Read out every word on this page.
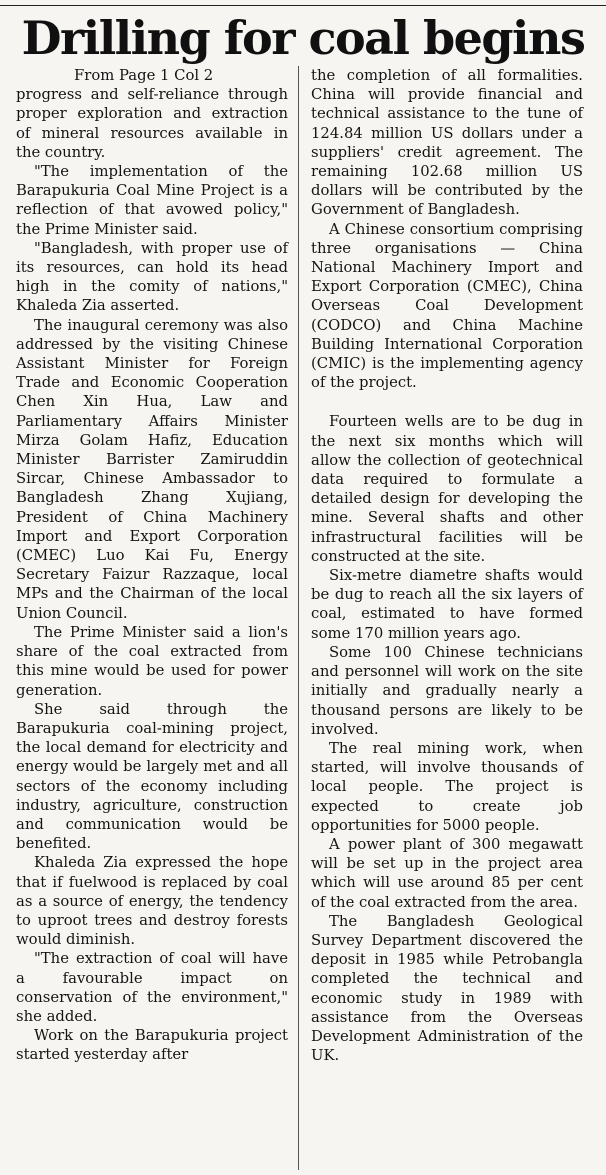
Drilling for coal begins

From Page 1 Col 2

progress and self-reliance through proper exploration and extraction of mineral resources available in the country.

"The implementation of the Barapukuria Coal Mine Project is a reflection of that avowed policy," the Prime Minister said.

"Bangladesh, with proper use of its resources, can hold its head high in the comity of nations," Khaleda Zia asserted.

The inaugural ceremony was also addressed by the visiting Chinese Assistant Minister for Foreign Trade and Economic Cooperation Chen Xin Hua, Law and Parliamentary Affairs Minister Mirza Golam Hafiz, Education Minister Barrister Zamiruddin Sircar, Chinese Ambassador to Bangladesh Zhang Xujiang, President of China Machinery Import and Export Corporation (CMEC) Luo Kai Fu, Energy Secretary Faizur Razzaque, local MPs and the Chairman of the local Union Council.

The Prime Minister said a lion's share of the coal extracted from this mine would be used for power generation.

She said through the Barapukuria coal-mining project, the local demand for electricity and energy would be largely met and all sectors of the economy including industry, agriculture, construction and communication would be benefited.

Khaleda Zia expressed the hope that if fuelwood is replaced by coal as a source of energy, the tendency to uproot trees and destroy forests would diminish.

"The extraction of coal will have a favourable impact on conservation of the environment," she added.

Work on the Barapukuria project started yesterday after

the completion of all formalities. China will provide financial and technical assistance to the tune of 124.84 million US dollars under a suppliers' credit agreement. The remaining 102.68 million US dollars will be contributed by the Government of Bangladesh.

A Chinese consortium comprising three organisations — China National Machinery Import and Export Corporation (CMEC), China Overseas Coal Development (CODCO) and China Machine Building International Corporation (CMIC) is the implementing agency of the project.

Fourteen wells are to be dug in the next six months which will allow the collection of geotechnical data required to formulate a detailed design for developing the mine. Several shafts and other infrastructural facilities will be constructed at the site.

Six-metre diametre shafts would be dug to reach all the six layers of coal, estimated to have formed some 170 million years ago.

Some 100 Chinese technicians and personnel will work on the site initially and gradually nearly a thousand persons are likely to be involved.

The real mining work, when started, will involve thousands of local people. The project is expected to create job opportunities for 5000 people.

A power plant of 300 megawatt will be set up in the project area which will use around 85 per cent of the coal extracted from the area.

The Bangladesh Geological Survey Department discovered the deposit in 1985 while Petrobangla completed the technical and economic study in 1989 with assistance from the Overseas Development Administration of the UK.
